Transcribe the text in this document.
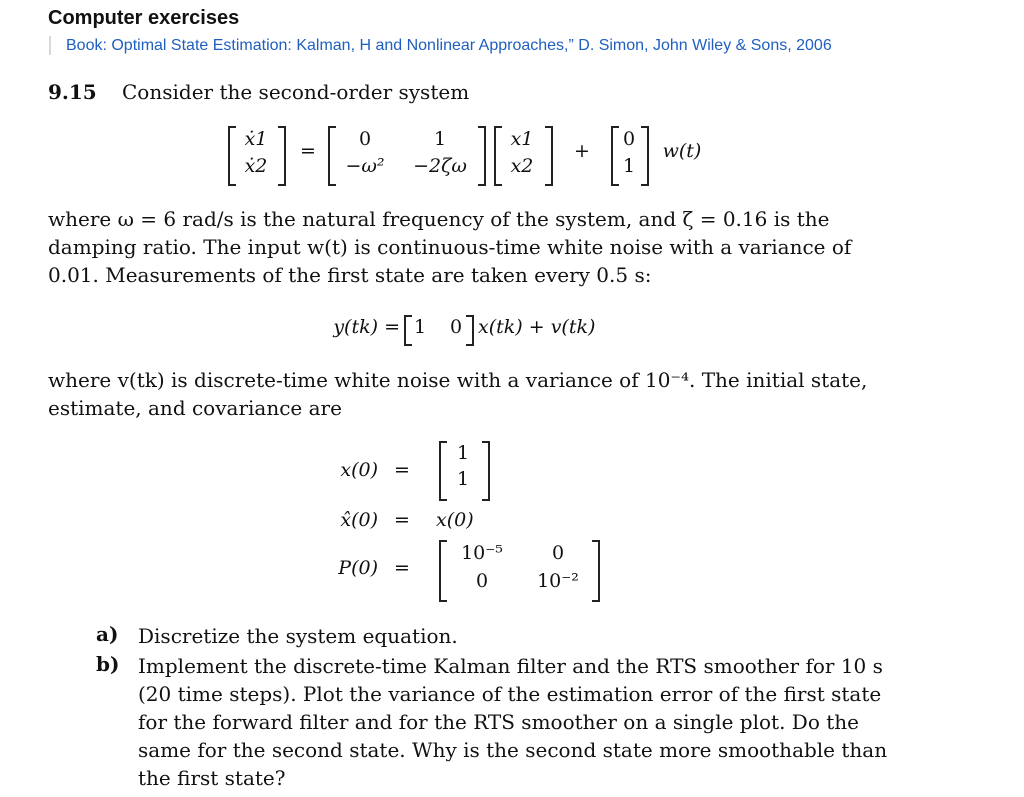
Computer exercises
Book: Optimal State Estimation: Kalman, H and Nonlinear Approaches,” D. Simon, John Wiley & Sons, 2006
9.15 Consider the second-order system
ẋ1
ẋ2
=
0	1
−ω² −2ζω
x1
x2
+
0
1
w(t)
where ω = 6 rad/s is the natural frequency of the system, and ζ = 0.16 is the
damping ratio. The input w(t) is continuous-time white noise with a variance of
0.01. Measurements of the first state are taken every 0.5 s:
y(tk) = 1 0 x(tk) + v(tk)
where v(tk) is discrete-time white noise with a variance of 10⁻⁴. The initial state,
estimate, and covariance are
x(0) =
1
1
x̂(0) = x(0)
P(0) =
10⁻⁵	0
0	10⁻²
a) Discretize the system equation.
b) Implement the discrete-time Kalman filter and the RTS smoother for 10 s
(20 time steps). Plot the variance of the estimation error of the first state
for the forward filter and for the RTS smoother on a single plot. Do the
same for the second state. Why is the second state more smoothable than
the first state?
